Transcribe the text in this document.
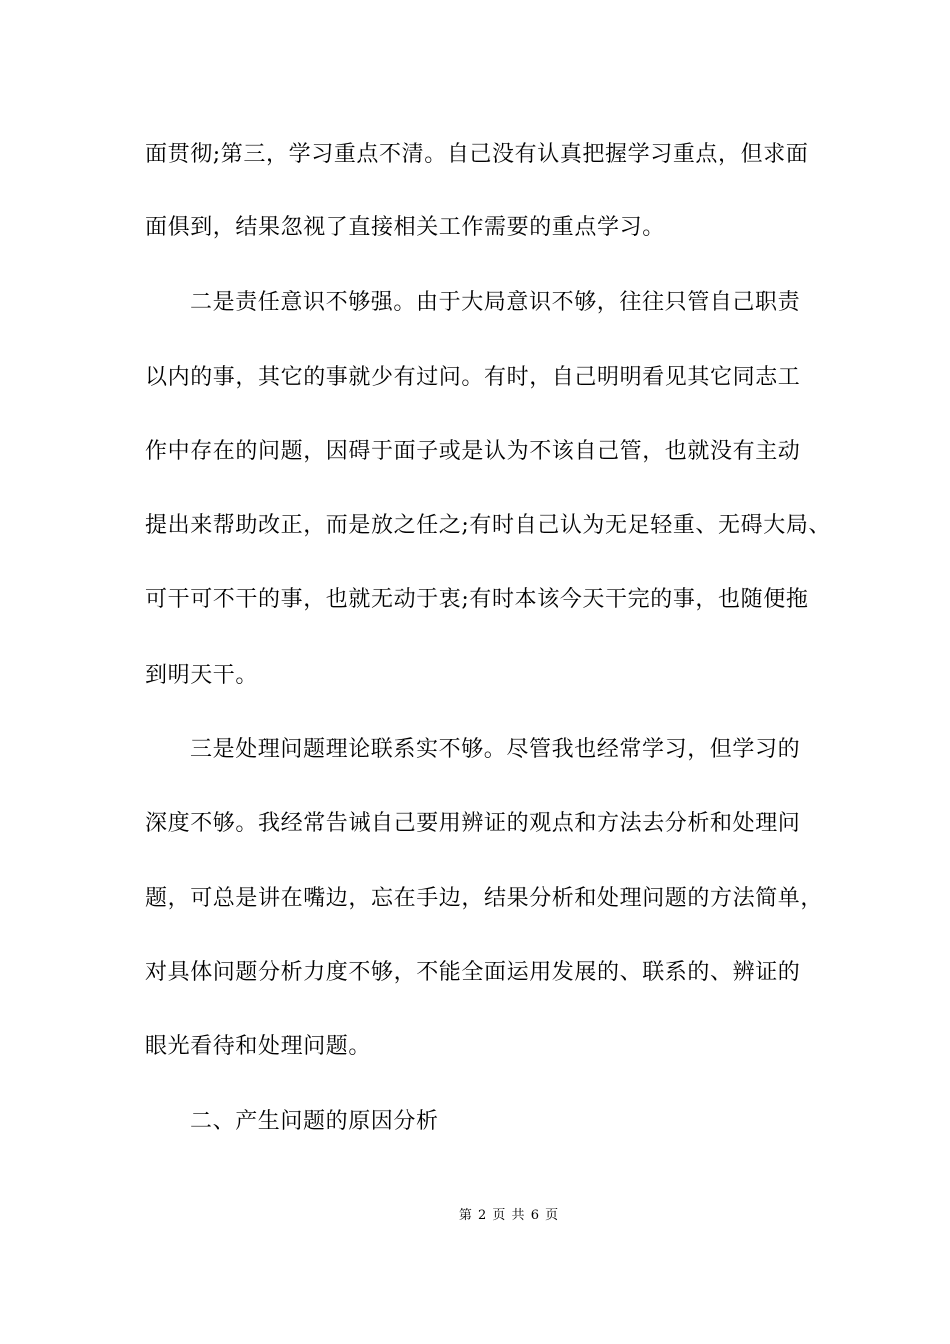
面贯彻;第三，学习重点不清。自己没有认真把握学习重点，但求面
面俱到，结果忽视了直接相关工作需要的重点学习。
二是责任意识不够强。由于大局意识不够，往往只管自己职责
以内的事，其它的事就少有过问。有时，自己明明看见其它同志工
作中存在的问题，因碍于面子或是认为不该自己管，也就没有主动
提出来帮助改正，而是放之任之;有时自己认为无足轻重、无碍大局、
可干可不干的事，也就无动于衷;有时本该今天干完的事，也随便拖
到明天干。
三是处理问题理论联系实不够。尽管我也经常学习，但学习的
深度不够。我经常告诫自己要用辨证的观点和方法去分析和处理问
题，可总是讲在嘴边，忘在手边，结果分析和处理问题的方法简单，
对具体问题分析力度不够，不能全面运用发展的、联系的、辨证的
眼光看待和处理问题。
二、产生问题的原因分析
第 2 页 共 6 页
